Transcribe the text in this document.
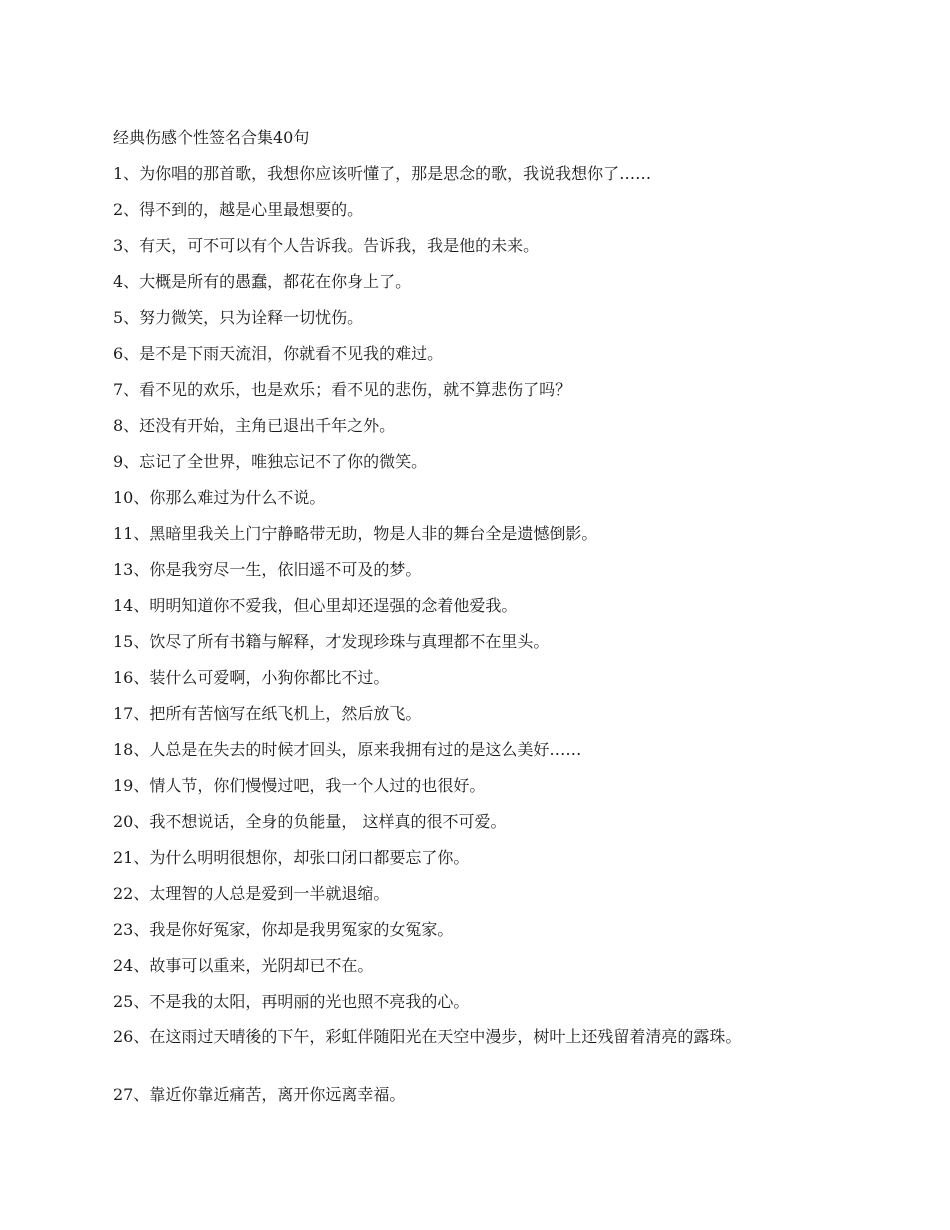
经典伤感个性签名合集40句
1、为你唱的那首歌，我想你应该听懂了，那是思念的歌，我说我想你了……
2、得不到的，越是心里最想要的。
3、有天，可不可以有个人告诉我。告诉我，我是他的未来。
4、大概是所有的愚蠢，都花在你身上了。
5、努力微笑，只为诠释一切忧伤。
6、是不是下雨天流泪，你就看不见我的难过。
7、看不见的欢乐，也是欢乐；看不见的悲伤，就不算悲伤了吗？
8、还没有开始，主角已退出千年之外。
9、忘记了全世界，唯独忘记不了你的微笑。
10、你那么难过为什么不说。
11、黑暗里我关上门宁静略带无助，物是人非的舞台全是遗憾倒影。
13、你是我穷尽一生，依旧遥不可及的梦。
14、明明知道你不爱我，但心里却还逞强的念着他爱我。
15、饮尽了所有书籍与解释，才发现珍珠与真理都不在里头。
16、装什么可爱啊，小狗你都比不过。
17、把所有苦恼写在纸飞机上，然后放飞。
18、人总是在失去的时候才回头，原来我拥有过的是这么美好……
19、情人节，你们慢慢过吧，我一个人过的也很好。
20、我不想说话，全身的负能量， 这样真的很不可爱。
21、为什么明明很想你，却张口闭口都要忘了你。
22、太理智的人总是爱到一半就退缩。
23、我是你好冤家，你却是我男冤家的女冤家。
24、故事可以重来，光阴却已不在。
25、不是我的太阳，再明丽的光也照不亮我的心。
26、在这雨过天晴後的下午，彩虹伴随阳光在天空中漫步，树叶上还残留着清亮的露珠。
27、靠近你靠近痛苦，离开你远离幸福。
